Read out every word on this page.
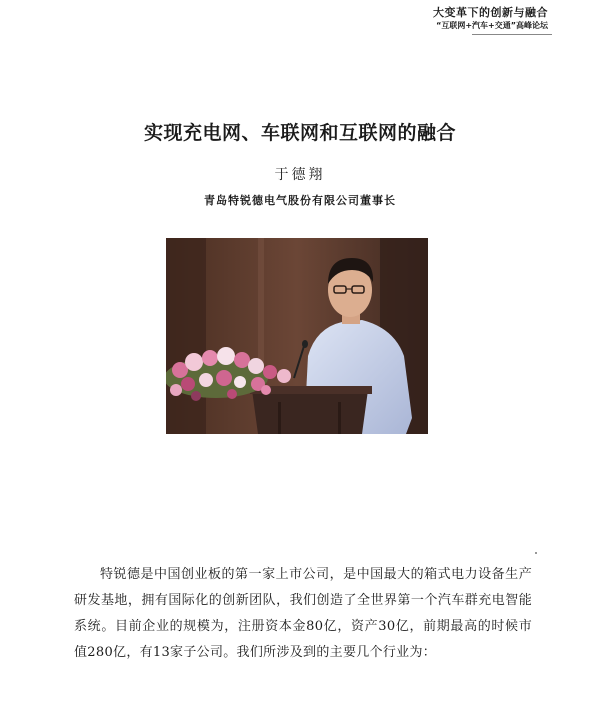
大变革下的创新与融合
“互联网+汽车+交通”高峰论坛
实现充电网、车联网和互联网的融合
于德翔
青岛特锐德电气股份有限公司董事长

特锐德是中国创业板的第一家上市公司，是中国最大的箱式电力设备生产研发基地，拥有国际化的创新团队，我们创造了全世界第一个汽车群充电智能系统。目前企业的规模为，注册资本金80亿，资产30亿，前期最高的时候市值280亿，有13家子公司。我们所涉及到的主要几个行业为：
